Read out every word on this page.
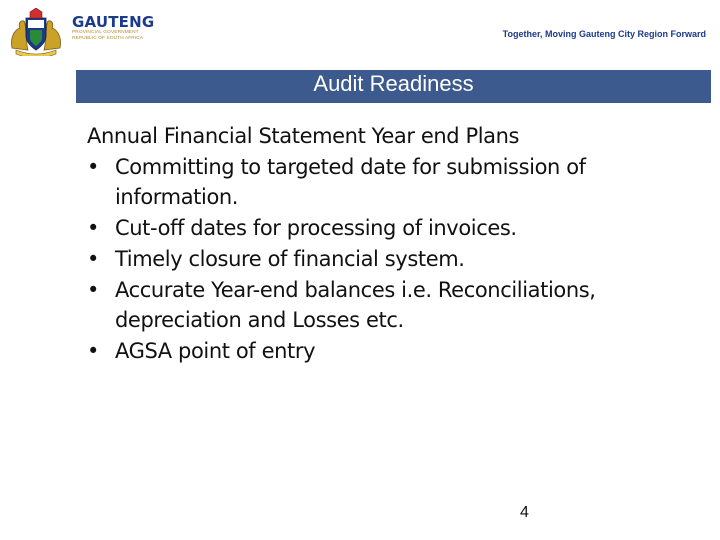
GAUTENG
PROVINCIAL GOVERNMENT
REPUBLIC OF SOUTH AFRICA	Together, Moving Gauteng City Region Forward
Audit Readiness

Annual Financial Statement Year end Plans

• Committing to targeted date for submission of information.
• Cut-off dates for processing of invoices.
• Timely closure of financial system.
• Accurate Year-end balances i.e. Reconciliations, depreciation and Losses etc.
• AGSA point of entry
4
